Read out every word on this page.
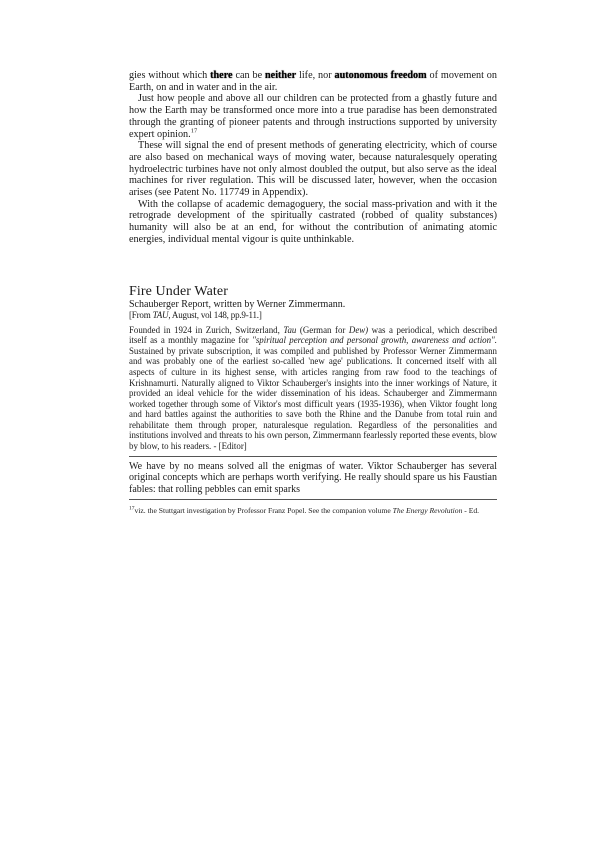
gies without which there can be neither life, nor autonomous freedom of movement on Earth, on and in water and in the air.

Just how people and above all our children can be protected from a ghastly future and how the Earth may be transformed once more into a true paradise has been demonstrated through the granting of pioneer patents and through instructions supported by university expert opinion.$^{17}$

These will signal the end of present methods of generating electricity, which of course are also based on mechanical ways of moving water, because naturalesquely operating hydroelectric turbines have not only almost doubled the output, but also serve as the ideal machines for river regulation. This will be discussed later, however, when the occasion arises (see Patent No. 117749 in Appendix).

With the collapse of academic demagoguery, the social mass-privation and with it the retrograde development of the spiritually castrated (robbed of quality substances) humanity will also be at an end, for without the contribution of animating atomic energies, individual mental vigour is quite unthinkable.

Fire Under Water

Schauberger Report, written by Werner Zimmermann.

[From TAU, August, vol 148, pp.9-11.]

Founded in 1924 in Zurich, Switzerland, Tau (German for Dew) was a periodical, which described itself as a monthly magazine for "spiritual perception and personal growth, awareness and action". Sustained by private subscription, it was compiled and published by Professor Werner Zimmermann and was probably one of the earliest so-called 'new age' publications. It concerned itself with all aspects of culture in its highest sense, with articles ranging from raw food to the teachings of Krishnamurti. Naturally aligned to Viktor Schauberger's insights into the inner workings of Nature, it provided an ideal vehicle for the wider dissemination of his ideas. Schauberger and Zimmermann worked together through some of Viktor's most difficult years (1935-1936), when Viktor fought long and hard battles against the authorities to save both the Rhine and the Danube from total ruin and rehabilitate them through proper, naturalesque regulation. Regardless of the personalities and institutions involved and threats to his own person, Zimmermann fearlessly reported these events, blow by blow, to his readers. - [Editor]

We have by no means solved all the enigmas of water. Viktor Schauberger has several original concepts which are perhaps worth verifying. He really should spare us his Faustian fables: that rolling pebbles can emit sparks

$^{17}$viz. the Stuttgart investigation by Professor Franz Popel. See the companion volume The Energy Revolution - Ed.
